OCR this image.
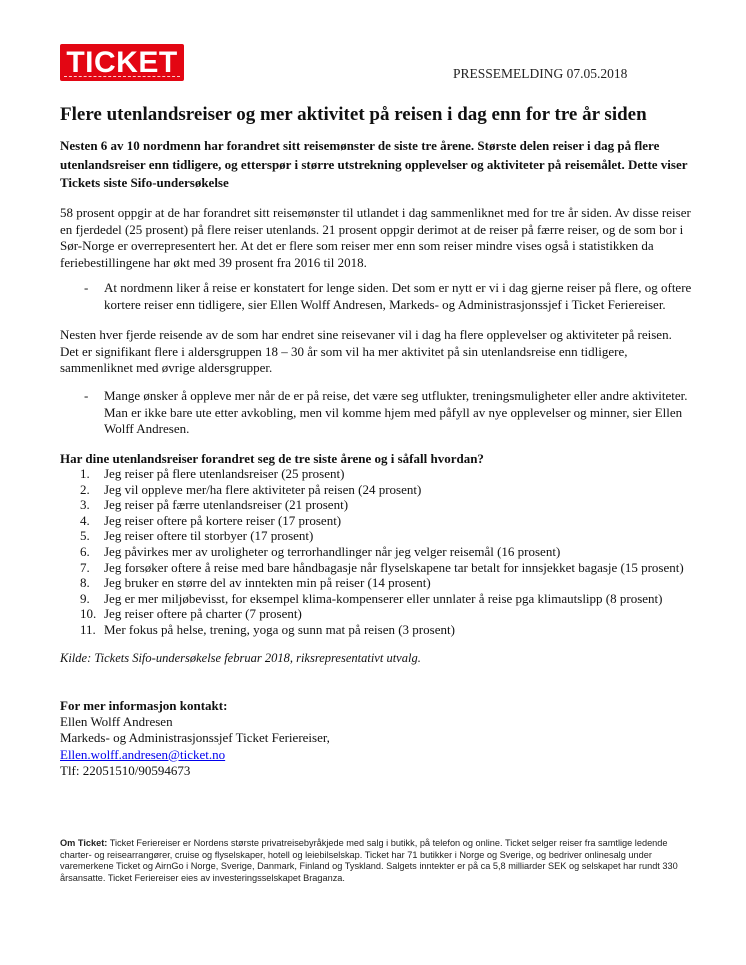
TICKET	PRESSEMELDING 07.05.2018
Flere utenlandsreiser og mer aktivitet på reisen i dag enn for tre år siden
Nesten 6 av 10 nordmenn har forandret sitt reisemønster de siste tre årene. Største delen reiser i dag på flere utenlandsreiser enn tidligere, og etterspør i større utstrekning opplevelser og aktiviteter på reisemålet. Dette viser Tickets siste Sifo-undersøkelse
58 prosent oppgir at de har forandret sitt reisemønster til utlandet i dag sammenliknet med for tre år siden. Av disse reiser en fjerdedel (25 prosent) på flere reiser utenlands. 21 prosent oppgir derimot at de reiser på færre reiser, og de som bor i Sør-Norge er overrepresentert her. At det er flere som reiser mer enn som reiser mindre vises også i statistikken da feriebestillingene har økt med 39 prosent fra 2016 til 2018.
- At nordmenn liker å reise er konstatert for lenge siden. Det som er nytt er vi i dag gjerne reiser på flere, og oftere kortere reiser enn tidligere, sier Ellen Wolff Andresen, Markeds- og Administrasjonssjef i Ticket Feriereiser.
Nesten hver fjerde reisende av de som har endret sine reisevaner vil i dag ha flere opplevelser og aktiviteter på reisen. Det er signifikant flere i aldersgruppen 18 – 30 år som vil ha mer aktivitet på sin utenlandsreise enn tidligere, sammenliknet med øvrige aldersgrupper.
- Mange ønsker å oppleve mer når de er på reise, det være seg utflukter, treningsmuligheter eller andre aktiviteter. Man er ikke bare ute etter avkobling, men vil komme hjem med påfyll av nye opplevelser og minner, sier Ellen Wolff Andresen.
Har dine utenlandsreiser forandret seg de tre siste årene og i såfall hvordan?
1.	Jeg reiser på flere utenlandsreiser (25 prosent)
2.	Jeg vil oppleve mer/ha flere aktiviteter på reisen (24 prosent)
3.	Jeg reiser på færre utenlandsreiser (21 prosent)
4.	Jeg reiser oftere på kortere reiser (17 prosent)
5.	Jeg reiser oftere til storbyer (17 prosent)
6.	Jeg påvirkes mer av uroligheter og terrorhandlinger når jeg velger reisemål (16 prosent)
7.	Jeg forsøker oftere å reise med bare håndbagasje når flyselskapene tar betalt for innsjekket bagasje (15 prosent)
8.	Jeg bruker en større del av inntekten min på reiser (14 prosent)
9.	Jeg er mer miljøbevisst, for eksempel klima-kompenserer eller unnlater å reise pga klimautslipp (8 prosent)
10. Jeg reiser oftere på charter (7 prosent)
11. Mer fokus på helse, trening, yoga og sunn mat på reisen (3 prosent)
Kilde: Tickets Sifo-undersøkelse februar 2018, riksrepresentativt utvalg.
For mer informasjon kontakt:
Ellen Wolff Andresen
Markeds- og Administrasjonssjef Ticket Feriereiser,
Ellen.wolff.andresen@ticket.no
Tlf: 22051510/90594673
Om Ticket: Ticket Feriereiser er Nordens største privatreisebyråkjede med salg i butikk, på telefon og online. Ticket selger reiser fra samtlige ledende charter- og reisearrangører, cruise og flyselskaper, hotell og leiebilselskap. Ticket har 71 butikker i Norge og Sverige, og bedriver onlinesalg under varemerkene Ticket og AirnGo i Norge, Sverige, Danmark, Finland og Tyskland. Salgets inntekter er på ca 5,8 milliarder SEK og selskapet har rundt 330 årsansatte. Ticket Feriereiser eies av investeringsselskapet Braganza.
